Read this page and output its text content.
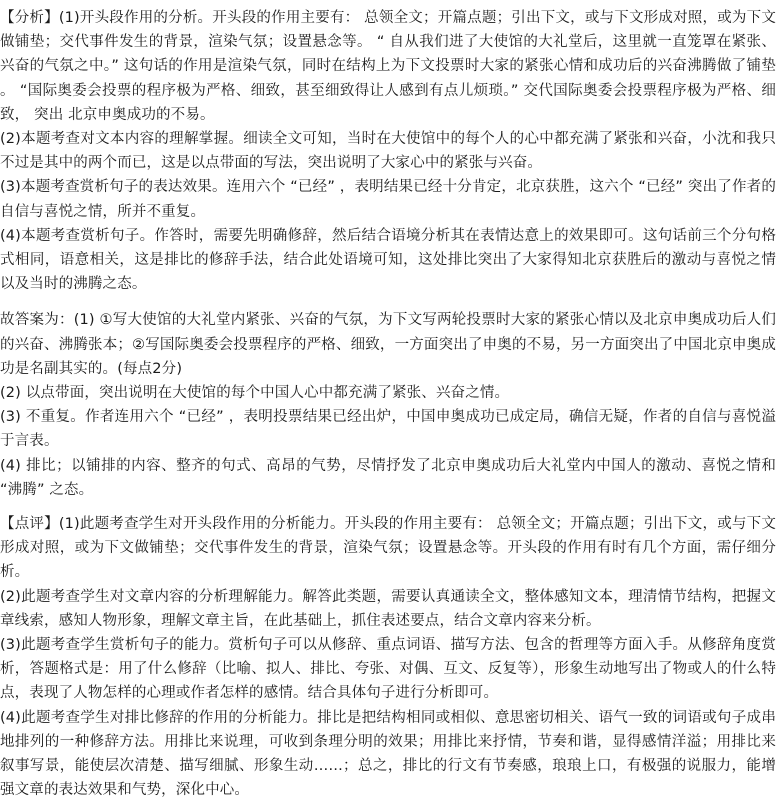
【分析】(1)开头段作用的分析。开头段的作用主要有： 总领全文；开篇点题；引出下文，或与下文形成对照，或为下文做铺垫；交代事件发生的背景，渲染气氛；设置悬念等。 “ 自从我们进了大使馆的大礼堂后，这里就一直笼罩在紧张、兴奋的气氛之中。” 这句话的作用是渲染气氛，同时在结构上为下文投票时大家的紧张心情和成功后的兴奋沸腾做了铺垫 。 “国际奥委会投票的程序极为严格、细致，甚至细致得让人感到有点儿烦琐。” 交代国际奥委会投票程序极为严格、细致， 突出 北京申奥成功的不易。

(2)本题考查对文本内容的理解掌握。细读全文可知，当时在大使馆中的每个人的心中都充满了紧张和兴奋，小沈和我只不过是其中的两个而已，这是以点带面的写法，突出说明了大家心中的紧张与兴奋。

(3)本题考查赏析句子的表达效果。连用六个 “已经” ，表明结果已经十分肯定，北京获胜，这六个 “已经” 突出了作者的自信与喜悦之情，所并不重复。

(4)本题考查赏析句子。作答时，需要先明确修辞，然后结合语境分析其在表情达意上的效果即可。这句话前三个分句格式相同，语意相关，这是排比的修辞手法，结合此处语境可知，这处排比突出了大家得知北京获胜后的激动与喜悦之情以及当时的沸腾之态。

故答案为：(1) ①写大使馆的大礼堂内紧张、兴奋的气氛，为下文写两轮投票时大家的紧张心情以及北京申奥成功后人们的兴奋、沸腾张本；②写国际奥委会投票程序的严格、细致，一方面突出了申奥的不易，另一方面突出了中国北京申奥成功是名副其实的。(每点2分)

(2) 以点带面，突出说明在大使馆的每个中国人心中都充满了紧张、兴奋之情。

(3) 不重复。作者连用六个 “已经” ，表明投票结果已经出炉，中国申奥成功已成定局，确信无疑，作者的自信与喜悦溢于言表。

(4) 排比；以铺排的内容、整齐的句式、高昂的气势，尽情抒发了北京申奥成功后大礼堂内中国人的激动、喜悦之情和 “沸腾” 之态。

【点评】(1)此题考查学生对开头段作用的分析能力。开头段的作用主要有： 总领全文；开篇点题；引出下文，或与下文形成对照，或为下文做铺垫；交代事件发生的背景，渲染气氛；设置悬念等。开头段的作用有时有几个方面，需仔细分析。

(2)此题考查学生对文章内容的分析理解能力。解答此类题，需要认真通读全文，整体感知文本，理清情节结构，把握文章线索，感知人物形象，理解文章主旨，在此基础上，抓住表述要点，结合文章内容来分析。

(3)此题考查学生赏析句子的能力。赏析句子可以从修辞、重点词语、描写方法、包含的哲理等方面入手。从修辞角度赏析，答题格式是：用了什么修辞（比喻、拟人、排比、夸张、对偶、互文、反复等），形象生动地写出了物或人的什么特点，表现了人物怎样的心理或作者怎样的感情。结合具体句子进行分析即可。

(4)此题考查学生对排比修辞的作用的分析能力。排比是把结构相同或相似、意思密切相关、语气一致的词语或句子成串地排列的一种修辞方法。用排比来说理，可收到条理分明的效果；用排比来抒情，节奏和谐，显得感情洋溢；用排比来叙事写景，能使层次清楚、描写细腻、形象生动……；总之，排比的行文有节奏感，琅琅上口，有极强的说服力，能增强文章的表达效果和气势，深化中心。
